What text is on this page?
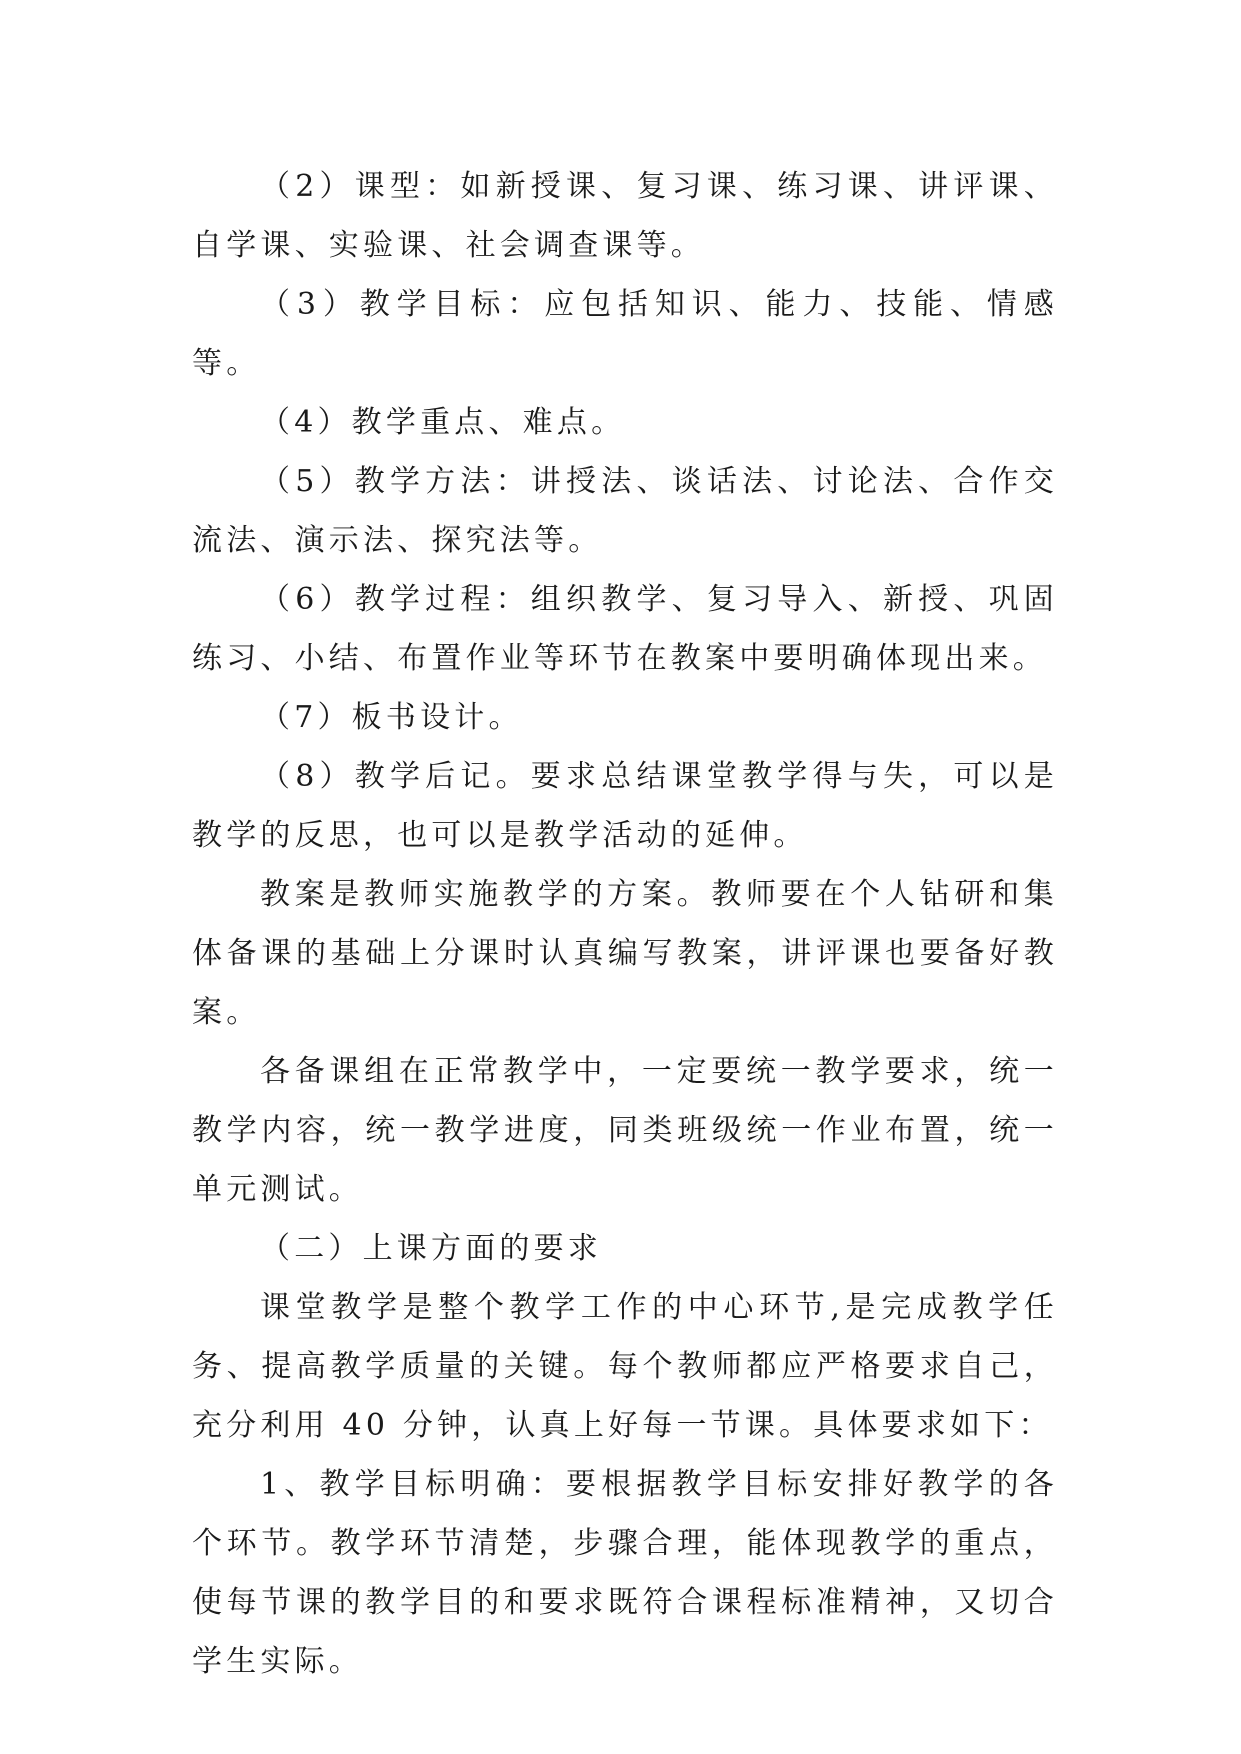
（2）课型：如新授课、复习课、练习课、讲评课、自学课、实验课、社会调查课等。

（3）教学目标：应包括知识、能力、技能、情感等。

（4）教学重点、难点。

（5）教学方法：讲授法、谈话法、讨论法、合作交流法、演示法、探究法等。

（6）教学过程：组织教学、复习导入、新授、巩固练习、小结、布置作业等环节在教案中要明确体现出来。

（7）板书设计。

（8）教学后记。要求总结课堂教学得与失，可以是教学的反思，也可以是教学活动的延伸。

教案是教师实施教学的方案。教师要在个人钻研和集体备课的基础上分课时认真编写教案，讲评课也要备好教案。

各备课组在正常教学中，一定要统一教学要求，统一教学内容，统一教学进度，同类班级统一作业布置，统一单元测试。

（二）上课方面的要求

课堂教学是整个教学工作的中心环节,是完成教学任务、提高教学质量的关键。每个教师都应严格要求自己，充分利用 40 分钟，认真上好每一节课。具体要求如下：

1、教学目标明确：要根据教学目标安排好教学的各个环节。教学环节清楚，步骤合理，能体现教学的重点，使每节课的教学目的和要求既符合课程标准精神，又切合学生实际。
